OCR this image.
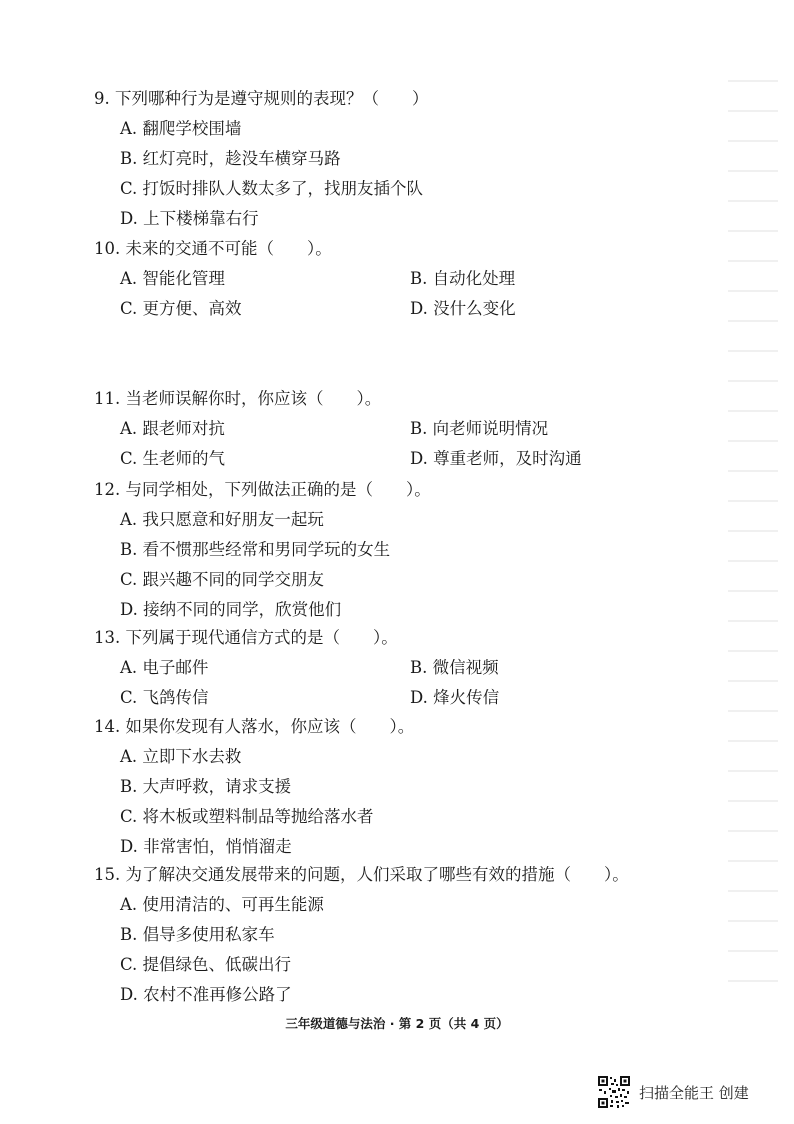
9. 下列哪种行为是遵守规则的表现？（　　）
A. 翻爬学校围墙
B. 红灯亮时，趁没车横穿马路
C. 打饭时排队人数太多了，找朋友插个队
D. 上下楼梯靠右行
10. 未来的交通不可能（　　）。
A. 智能化管理	B. 自动化处理
C. 更方便、高效	D. 没什么变化
11. 当老师误解你时，你应该（　　）。
A. 跟老师对抗	B. 向老师说明情况
C. 生老师的气	D. 尊重老师，及时沟通
12. 与同学相处，下列做法正确的是（　　）。
A. 我只愿意和好朋友一起玩
B. 看不惯那些经常和男同学玩的女生
C. 跟兴趣不同的同学交朋友
D. 接纳不同的同学，欣赏他们
13. 下列属于现代通信方式的是（　　）。
A. 电子邮件	B. 微信视频
C. 飞鸽传信	D. 烽火传信
14. 如果你发现有人落水，你应该（　　）。
A. 立即下水去救
B. 大声呼救，请求支援
C. 将木板或塑料制品等抛给落水者
D. 非常害怕，悄悄溜走
15. 为了解决交通发展带来的问题，人们采取了哪些有效的措施（　　）。
A. 使用清洁的、可再生能源
B. 倡导多使用私家车
C. 提倡绿色、低碳出行
D. 农村不准再修公路了
三年级道德与法治 · 第 2 页（共 4 页）
扫描全能王 创建
